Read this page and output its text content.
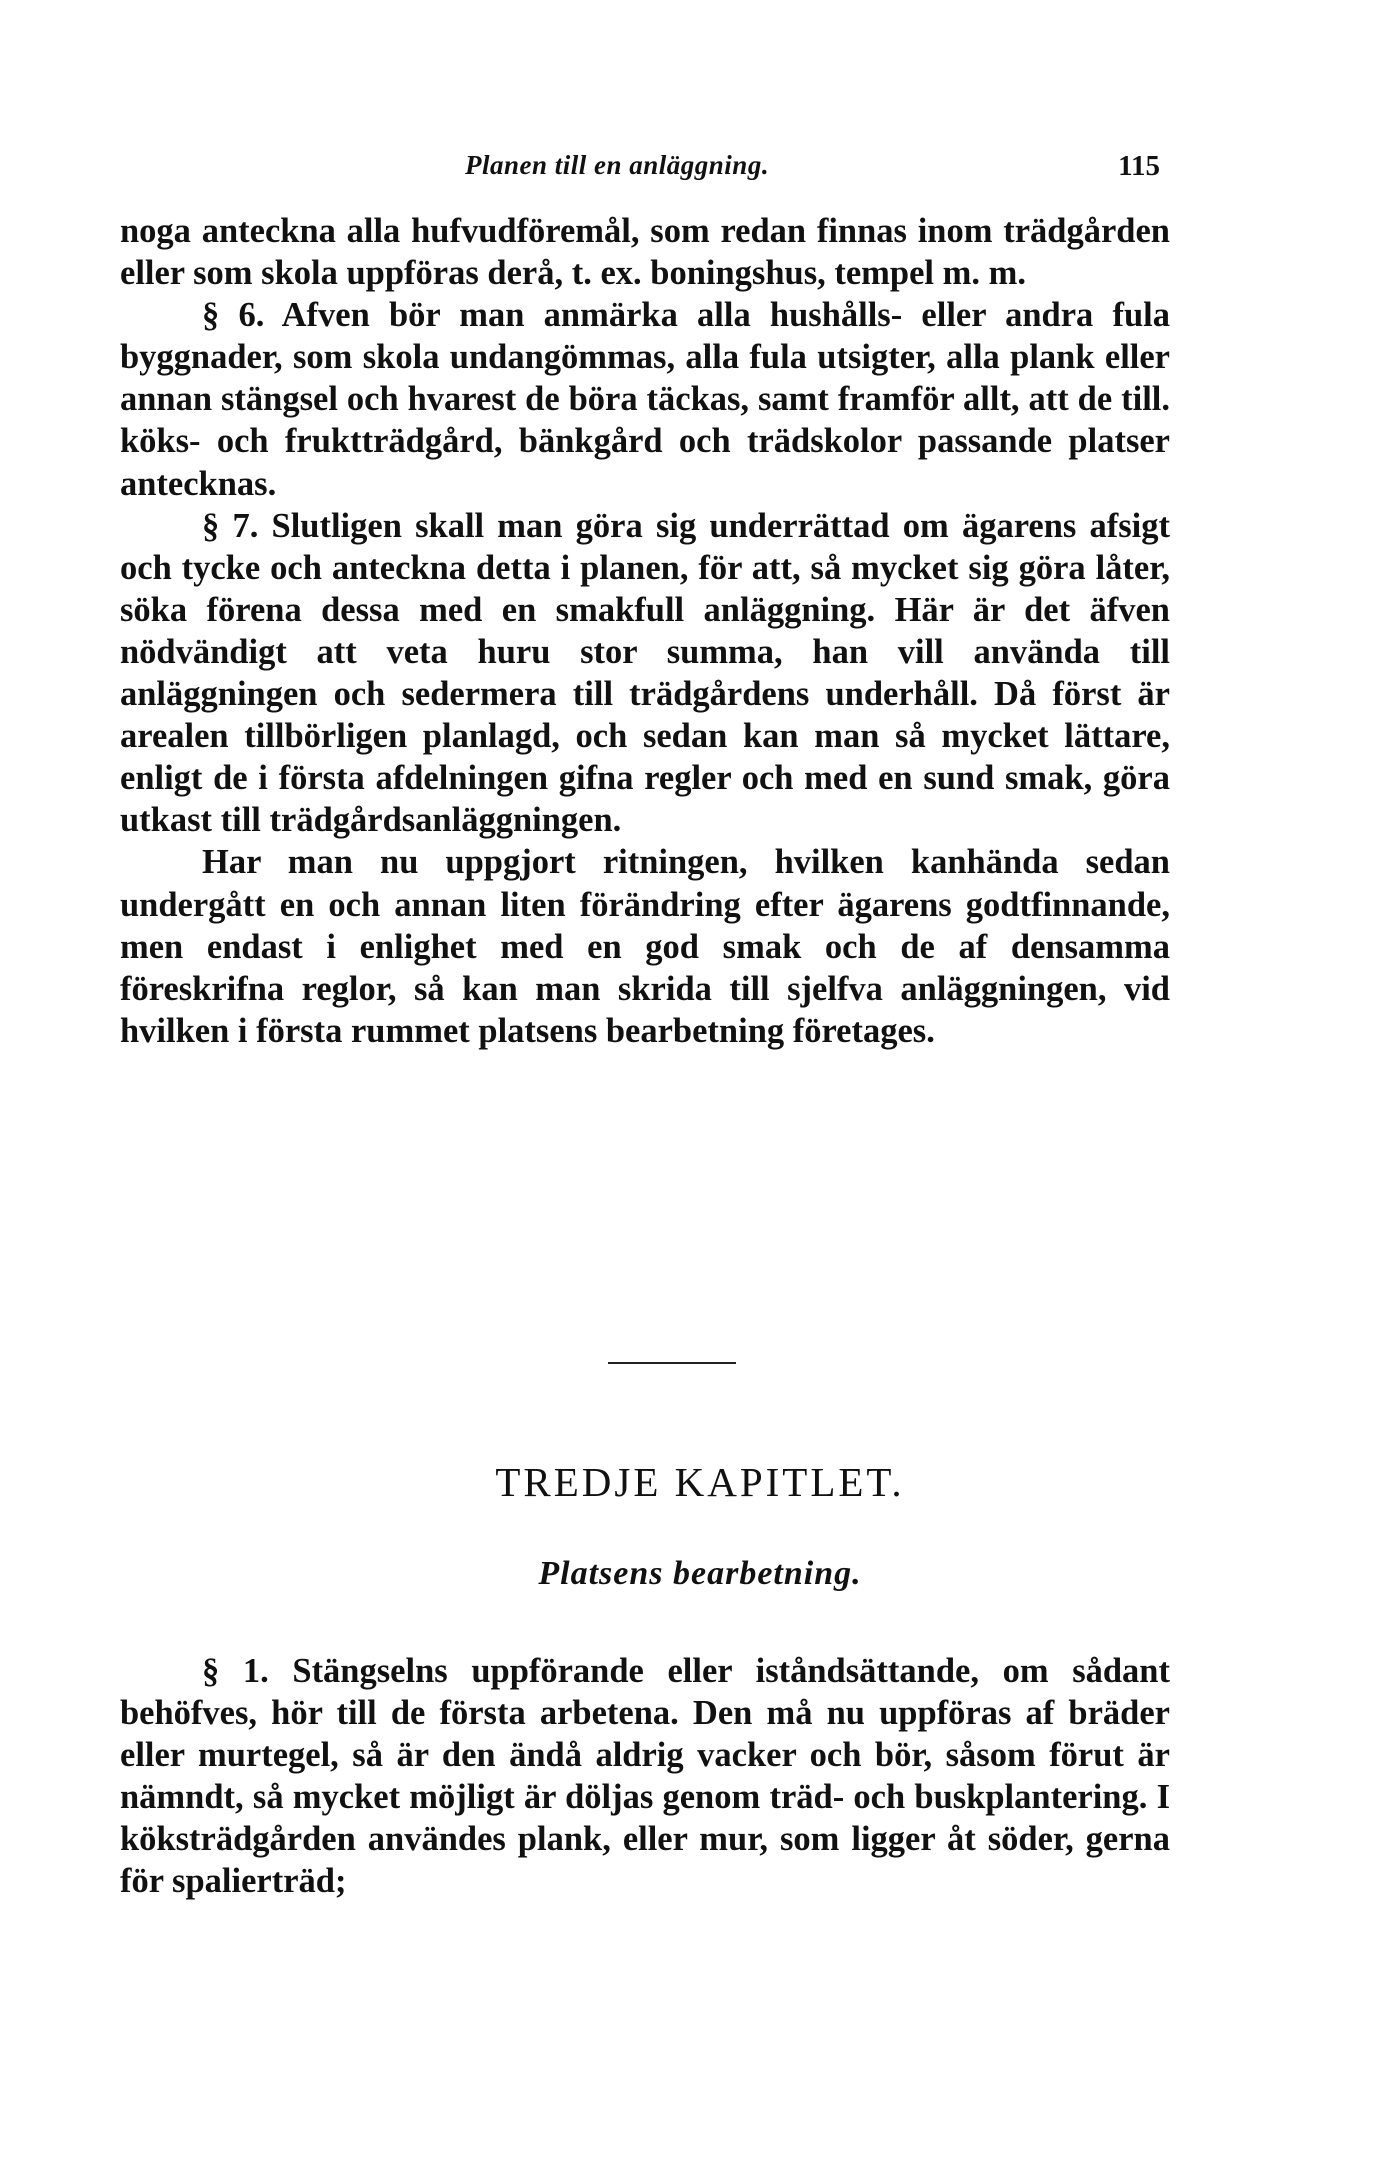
Planen till en anläggning.	115

noga anteckna alla hufvudföremål, som redan finnas inom trädgården eller som skola uppföras derå, t. ex. boningshus, tempel m. m.

§ 6. Afven bör man anmärka alla hushålls- eller andra fula byggnader, som skola undangömmas, alla fula utsigter, alla plank eller annan stängsel och hvarest de böra täckas, samt framför allt, att de till. köks- och fruktträdgård, bänkgård och trädskolor passande platser antecknas.

§ 7. Slutligen skall man göra sig underrättad om ägarens afsigt och tycke och anteckna detta i planen, för att, så mycket sig göra låter, söka förena dessa med en smakfull anläggning. Här är det äfven nödvändigt att veta huru stor summa, han vill använda till anläggningen och sedermera till trädgårdens underhåll. Då först är arealen tillbörligen planlagd, och sedan kan man så mycket lättare, enligt de i första afdelningen gifna regler och med en sund smak, göra utkast till trädgårdsanläggningen.

Har man nu uppgjort ritningen, hvilken kanhända sedan undergått en och annan liten förändring efter ägarens godtfinnande, men endast i enlighet med en god smak och de af densamma föreskrifna reglor, så kan man skrida till sjelfva anläggningen, vid hvilken i första rummet platsens bearbetning företages.

TREDJE KAPITLET.
Platsens bearbetning.

§ 1. Stängselns uppförande eller iståndsättande, om sådant behöfves, hör till de första arbetena. Den må nu uppföras af bräder eller murtegel, så är den ändå aldrig vacker och bör, såsom förut är nämndt, så mycket möjligt är döljas genom träd- och buskplantering. I köksträdgården användes plank, eller mur, som ligger åt söder, gerna för spalierträd;
